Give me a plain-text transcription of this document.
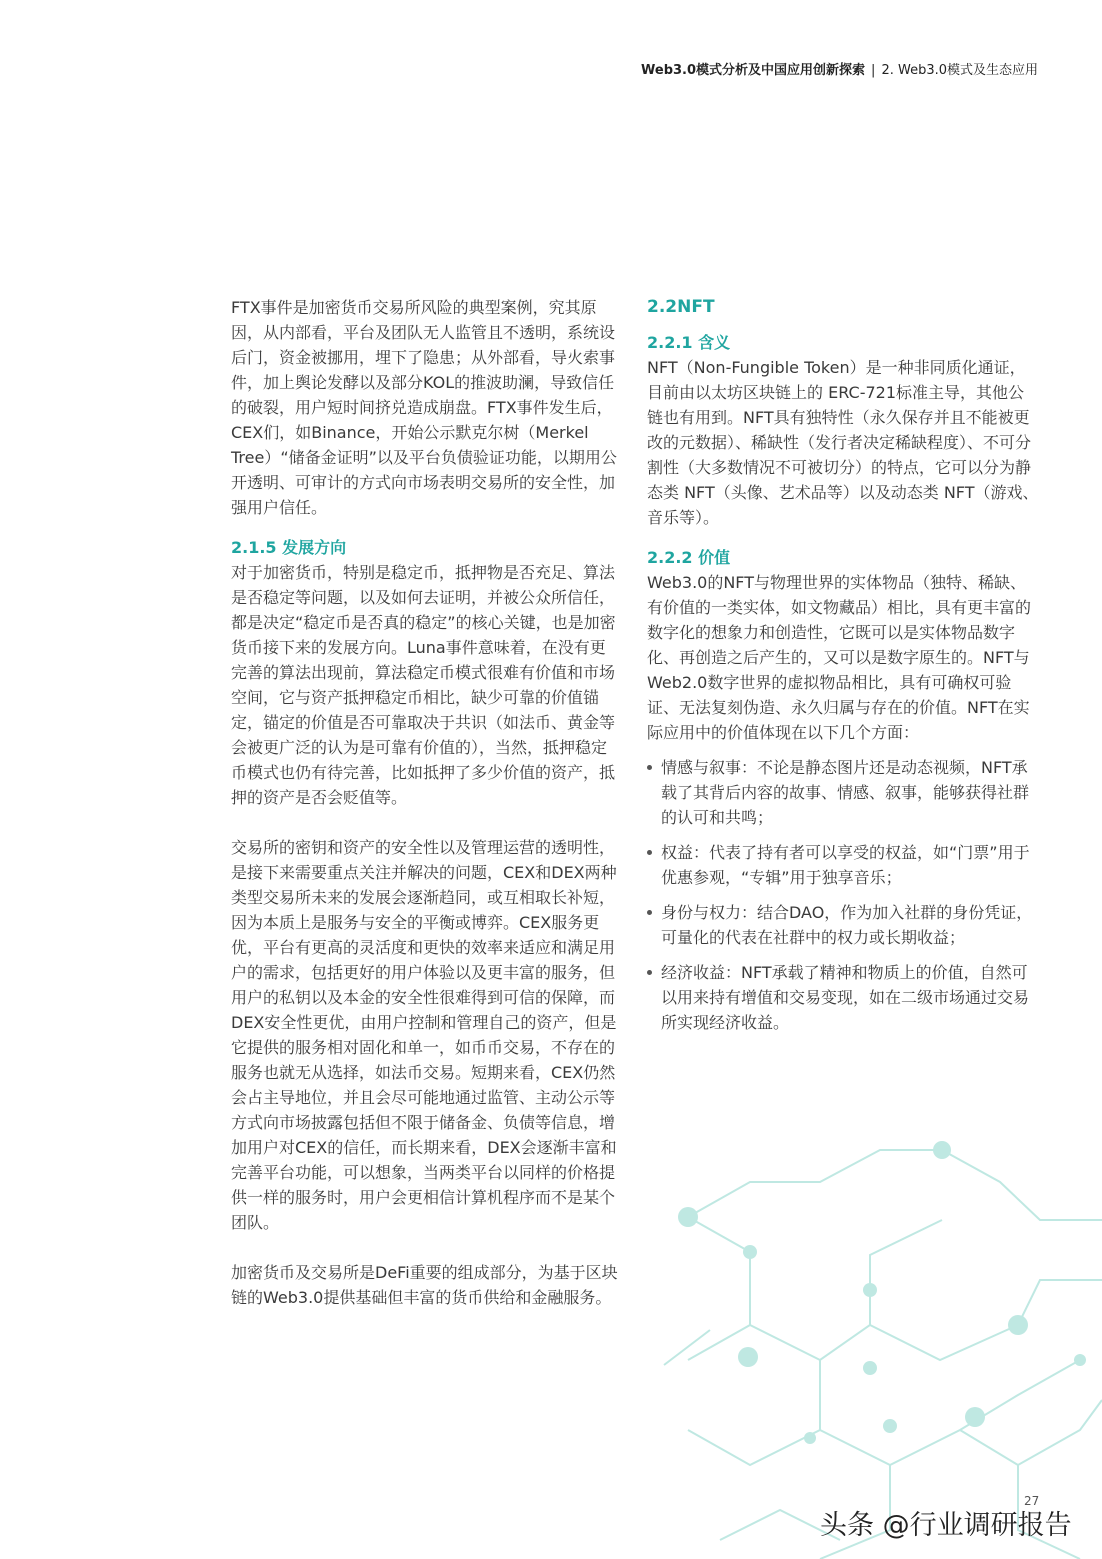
Web3.0模式分析及中国应用创新探索 | 2. Web3.0模式及生态应用

FTX事件是加密货币交易所风险的典型案例，究其原因，从内部看，平台及团队无人监管且不透明，系统设后门，资金被挪用，埋下了隐患；从外部看，导火索事件，加上舆论发酵以及部分KOL的推波助澜，导致信任的破裂，用户短时间挤兑造成崩盘。FTX事件发生后，CEX们，如Binance，开始公示默克尔树（Merkel Tree）“储备金证明”以及平台负债验证功能，以期用公开透明、可审计的方式向市场表明交易所的安全性，加强用户信任。

2.1.5 发展方向

对于加密货币，特别是稳定币，抵押物是否充足、算法是否稳定等问题，以及如何去证明，并被公众所信任，都是决定“稳定币是否真的稳定”的核心关键，也是加密货币接下来的发展方向。Luna事件意味着，在没有更完善的算法出现前，算法稳定币模式很难有价值和市场空间，它与资产抵押稳定币相比，缺少可靠的价值锚定，锚定的价值是否可靠取决于共识（如法币、黄金等会被更广泛的认为是可靠有价值的），当然，抵押稳定币模式也仍有待完善，比如抵押了多少价值的资产，抵押的资产是否会贬值等。

交易所的密钥和资产的安全性以及管理运营的透明性，是接下来需要重点关注并解决的问题，CEX和DEX两种类型交易所未来的发展会逐渐趋同，或互相取长补短，因为本质上是服务与安全的平衡或博弈。CEX服务更优，平台有更高的灵活度和更快的效率来适应和满足用户的需求，包括更好的用户体验以及更丰富的服务，但用户的私钥以及本金的安全性很难得到可信的保障，而DEX安全性更优，由用户控制和管理自己的资产，但是它提供的服务相对固化和单一，如币币交易，不存在的服务也就无从选择，如法币交易。短期来看，CEX仍然会占主导地位，并且会尽可能地通过监管、主动公示等方式向市场披露包括但不限于储备金、负债等信息，增加用户对CEX的信任，而长期来看，DEX会逐渐丰富和完善平台功能，可以想象，当两类平台以同样的价格提供一样的服务时，用户会更相信计算机程序而不是某个团队。

加密货币及交易所是DeFi重要的组成部分，为基于区块链的Web3.0提供基础但丰富的货币供给和金融服务。

2.2NFT
2.2.1 含义

NFT（Non-Fungible Token）是一种非同质化通证，目前由以太坊区块链上的 ERC-721标准主导，其他公链也有用到。NFT具有独特性（永久保存并且不能被更改的元数据）、稀缺性（发行者决定稀缺程度）、不可分割性（大多数情况不可被切分）的特点，它可以分为静态类 NFT（头像、艺术品等）以及动态类 NFT（游戏、音乐等）。

2.2.2 价值

Web3.0的NFT与物理世界的实体物品（独特、稀缺、有价值的一类实体，如文物藏品）相比，具有更丰富的数字化的想象力和创造性，它既可以是实体物品数字化、再创造之后产生的，又可以是数字原生的。NFT与Web2.0数字世界的虚拟物品相比，具有可确权可验证、无法复刻伪造、永久归属与存在的价值。NFT在实际应用中的价值体现在以下几个方面：

情感与叙事：不论是静态图片还是动态视频，NFT承载了其背后内容的故事、情感、叙事，能够获得社群的认可和共鸣；
权益：代表了持有者可以享受的权益，如“门票”用于优惠参观，“专辑”用于独享音乐；
身份与权力：结合DAO，作为加入社群的身份凭证，可量化的代表在社群中的权力或长期收益；
经济收益：NFT承载了精神和物质上的价值，自然可以用来持有增值和交易变现，如在二级市场通过交易所实现经济收益。
27
头条 @行业调研报告
